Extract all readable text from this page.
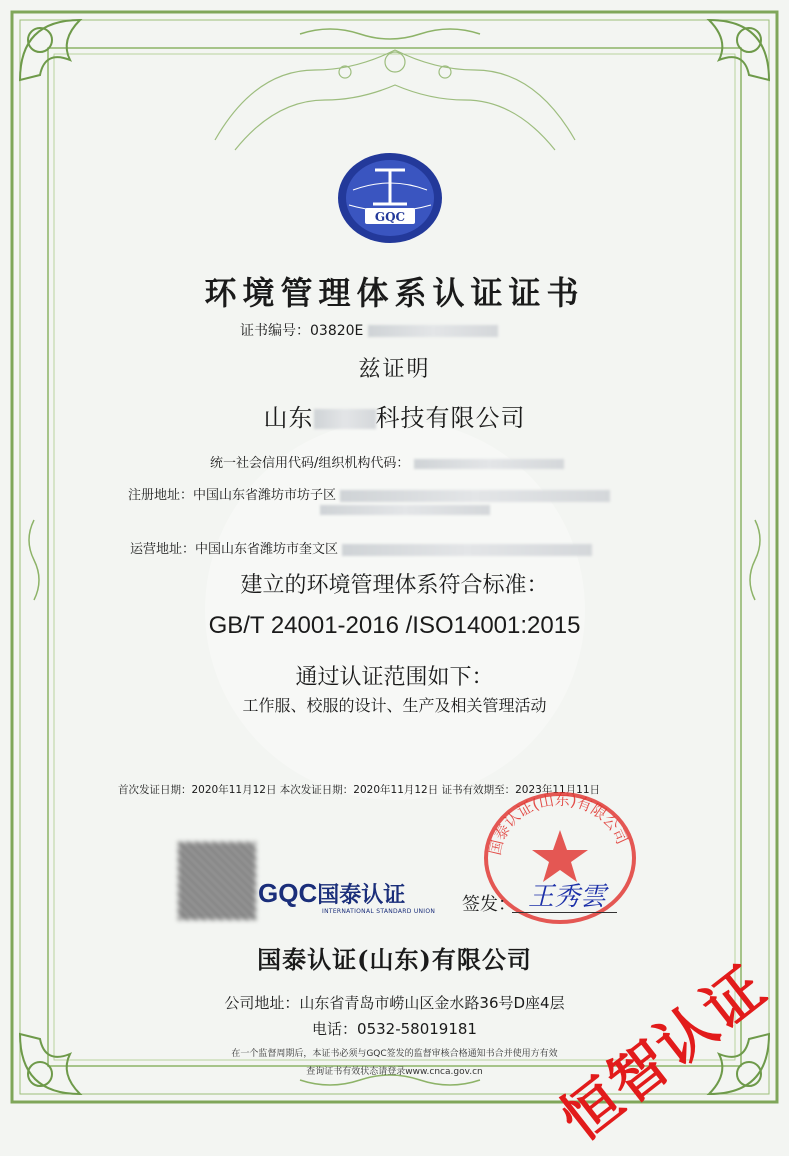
GQC
环境管理体系认证证书
证书编号：03820E
兹证明
山东	科技有限公司
统一社会信用代码/组织机构代码：
注册地址：中国山东省潍坊市坊子区
运营地址：中国山东省潍坊市奎文区
建立的环境管理体系符合标准：
GB/T 24001-2016 /ISO14001:2015
通过认证范围如下：
工作服、校服的设计、生产及相关管理活动
首次发证日期：2020年11月12日 本次发证日期：2020年11月12日 证书有效期至：2023年11月11日
国泰认证(山东)有限公司
GQC国泰认证
INTERNATIONAL STANDARD UNION 签发： 王秀雲
国泰认证(山东)有限公司
公司地址：山东省青岛市崂山区金水路36号D座4层
电话：0532-58019181
在一个监督周期后，本证书必须与GQC签发的监督审核合格通知书合并使用方有效
查询证书有效状态请登录www.cnca.gov.cn	恒智认证
